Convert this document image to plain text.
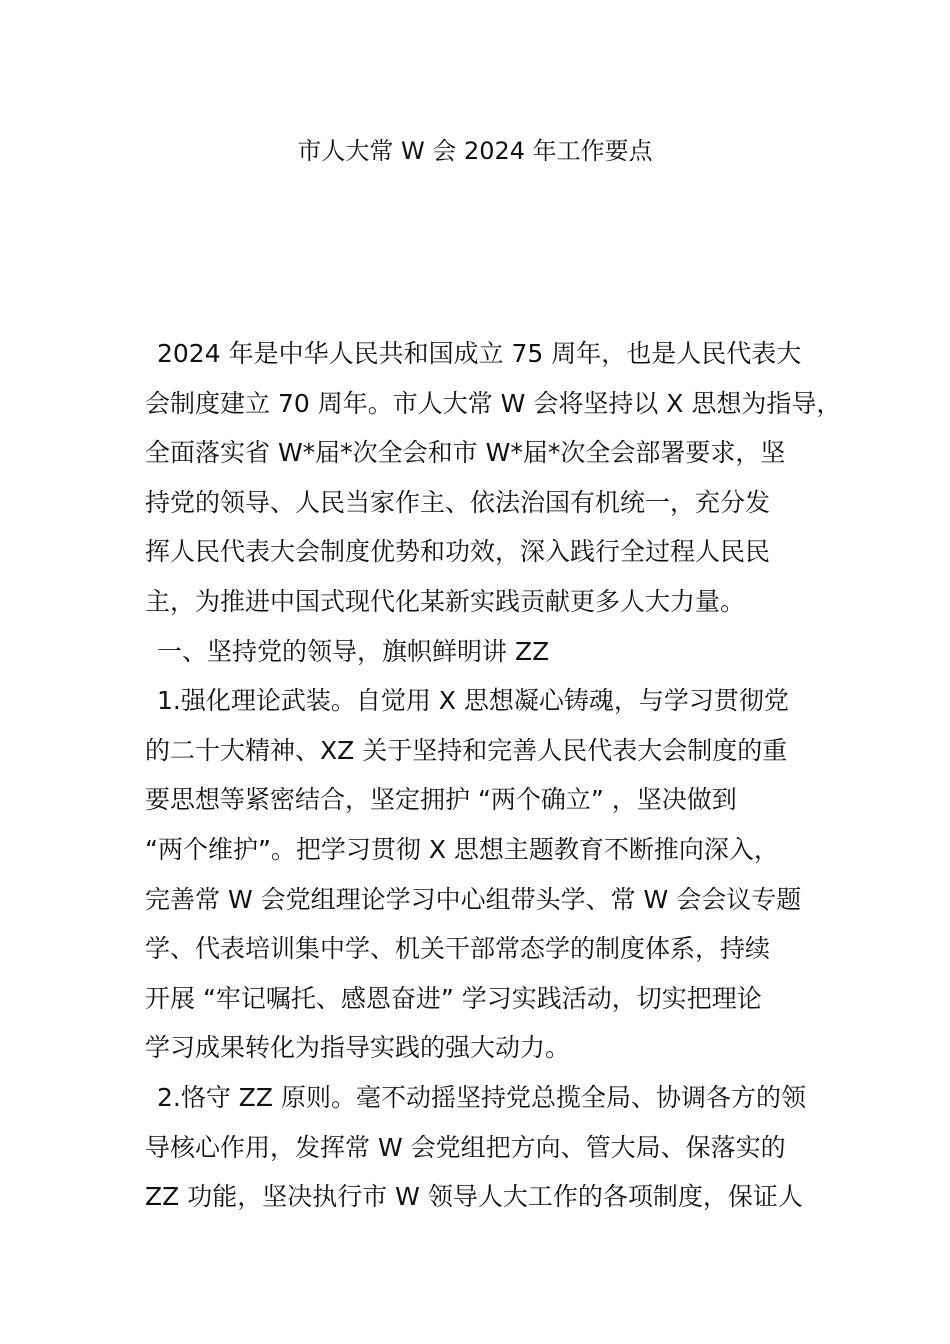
市人大常 W 会 2024 年工作要点
2024 年是中华人民共和国成立 75 周年，也是人民代表大
会制度建立 70 周年。市人大常 W 会将坚持以 X 思想为指导，
全面落实省 W*届*次全会和市 W*届*次全会部署要求，坚
持党的领导、人民当家作主、依法治国有机统一，充分发
挥人民代表大会制度优势和功效，深入践行全过程人民民
主，为推进中国式现代化某新实践贡献更多人大力量。
一、坚持党的领导，旗帜鲜明讲 ZZ
1.强化理论武装。自觉用 X 思想凝心铸魂，与学习贯彻党
的二十大精神、XZ 关于坚持和完善人民代表大会制度的重
要思想等紧密结合，坚定拥护 “两个确立” ，坚决做到
“两个维护”。把学习贯彻 X 思想主题教育不断推向深入，
完善常 W 会党组理论学习中心组带头学、常 W 会会议专题
学、代表培训集中学、机关干部常态学的制度体系，持续
开展 “牢记嘱托、感恩奋进” 学习实践活动，切实把理论
学习成果转化为指导实践的强大动力。
2.恪守 ZZ 原则。毫不动摇坚持党总揽全局、协调各方的领
导核心作用，发挥常 W 会党组把方向、管大局、保落实的
ZZ 功能，坚决执行市 W 领导人大工作的各项制度，保证人
